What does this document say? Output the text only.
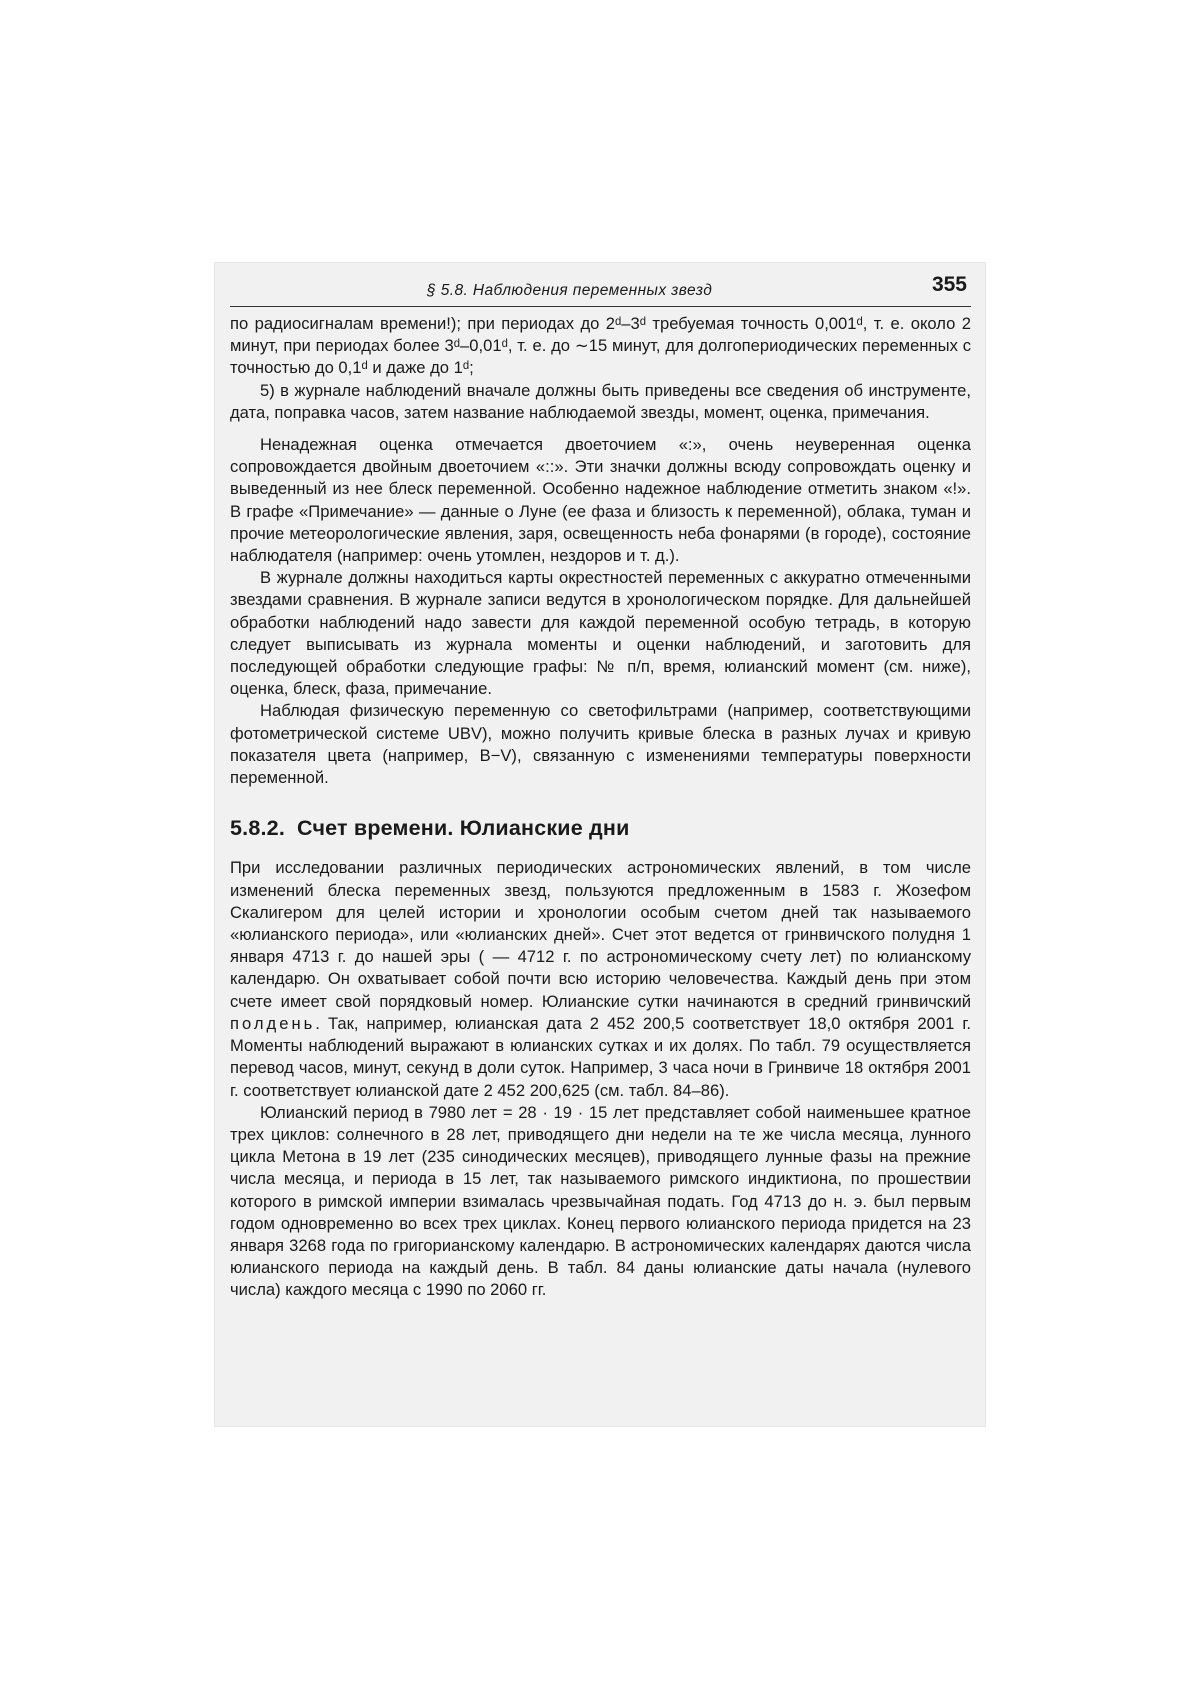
§ 5.8. Наблюдения переменных звезд	355

по радиосигналам времени!); при периодах до 2ᵈ–3ᵈ требуемая точность 0,001ᵈ, т. е. около 2 минут, при периодах более 3ᵈ–0,01ᵈ, т. е. до ∼15 минут, для долгопериодических переменных с точностью до 0,1ᵈ и даже до 1ᵈ;

5) в журнале наблюдений вначале должны быть приведены все сведения об инструменте, дата, поправка часов, затем название наблюдаемой звезды, момент, оценка, примечания.

Ненадежная оценка отмечается двоеточием «:», очень неуверенная оценка сопровождается двойным двоеточием «::». Эти значки должны всюду сопровождать оценку и выведенный из нее блеск переменной. Особенно надежное наблюдение отметить знаком «!». В графе «Примечание» — данные о Луне (ее фаза и близость к переменной), облака, туман и прочие метеорологические явления, заря, освещенность неба фонарями (в городе), состояние наблюдателя (например: очень утомлен, нездоров и т. д.).

В журнале должны находиться карты окрестностей переменных с аккуратно отмеченными звездами сравнения. В журнале записи ведутся в хронологическом порядке. Для дальнейшей обработки наблюдений надо завести для каждой переменной особую тетрадь, в которую следует выписывать из журнала моменты и оценки наблюдений, и заготовить для последующей обработки следующие графы: № п/п, время, юлианский момент (см. ниже), оценка, блеск, фаза, примечание.

Наблюдая физическую переменную со светофильтрами (например, соответствующими фотометрической системе UBV), можно получить кривые блеска в разных лучах и кривую показателя цвета (например, B−V), связанную с изменениями температуры поверхности переменной.

5.8.2. Счет времени. Юлианские дни

При исследовании различных периодических астрономических явлений, в том числе изменений блеска переменных звезд, пользуются предложенным в 1583 г. Жозефом Скалигером для целей истории и хронологии особым счетом дней так называемого «юлианского периода», или «юлианских дней». Счет этот ведется от гринвичского полудня 1 января 4713 г. до нашей эры ( — 4712 г. по астрономическому счету лет) по юлианскому календарю. Он охватывает собой почти всю историю человечества. Каждый день при этом счете имеет свой порядковый номер. Юлианские сутки начинаются в средний гринвичский полдень. Так, например, юлианская дата 2 452 200,5 соответствует 18,0 октября 2001 г. Моменты наблюдений выражают в юлианских сутках и их долях. По табл. 79 осуществляется перевод часов, минут, секунд в доли суток. Например, 3 часа ночи в Гринвиче 18 октября 2001 г. соответствует юлианской дате 2 452 200,625 (см. табл. 84–86).

Юлианский период в 7980 лет = 28 · 19 · 15 лет представляет собой наименьшее кратное трех циклов: солнечного в 28 лет, приводящего дни недели на те же числа месяца, лунного цикла Метона в 19 лет (235 синодических месяцев), приводящего лунные фазы на прежние числа месяца, и периода в 15 лет, так называемого римского индиктиона, по прошествии которого в римской империи взималась чрезвычайная подать. Год 4713 до н. э. был первым годом одновременно во всех трех циклах. Конец первого юлианского периода придется на 23 января 3268 года по григорианскому календарю. В астрономических календарях даются числа юлианского периода на каждый день. В табл. 84 даны юлианские даты начала (нулевого числа) каждого месяца с 1990 по 2060 гг.
